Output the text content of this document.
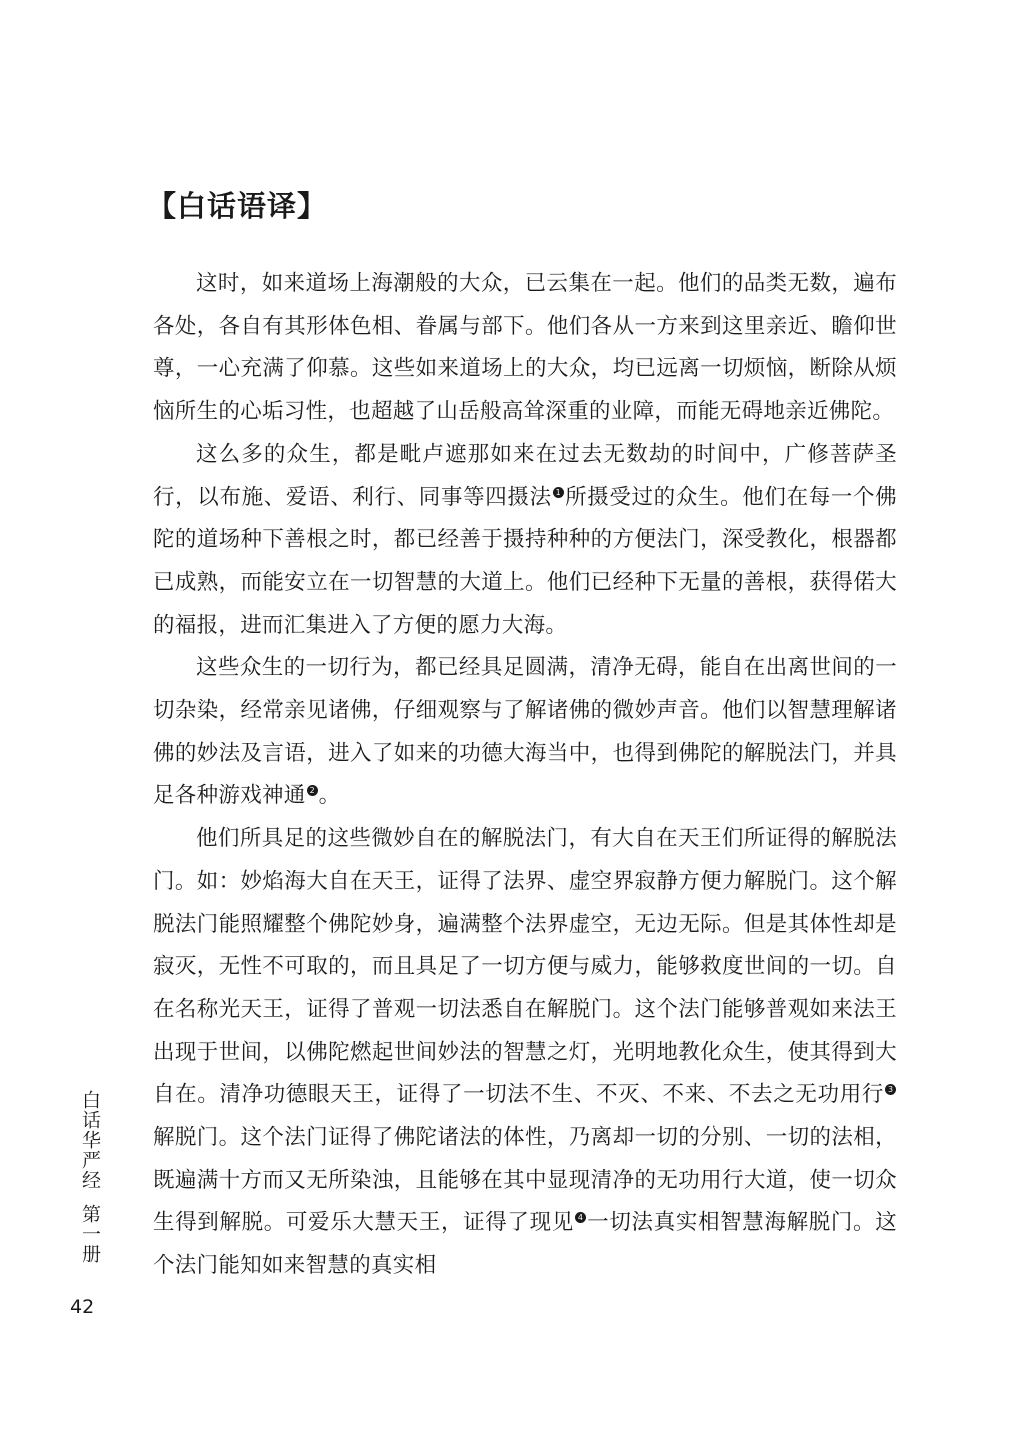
【白话语译】

这时，如来道场上海潮般的大众，已云集在一起。他们的品类无数，遍布各处，各自有其形体色相、眷属与部下。他们各从一方来到这里亲近、瞻仰世尊，一心充满了仰慕。这些如来道场上的大众，均已远离一切烦恼，断除从烦恼所生的心垢习性，也超越了山岳般高耸深重的业障，而能无碍地亲近佛陀。

这么多的众生，都是毗卢遮那如来在过去无数劫的时间中，广修菩萨圣行，以布施、爱语、利行、同事等四摄法 1 所摄受过的众生。他们在每一个佛陀的道场种下善根之时，都已经善于摄持种种的方便法门，深受教化，根器都已成熟，而能安立在一切智慧的大道上。他们已经种下无量的善根，获得偌大的福报，进而汇集进入了方便的愿力大海。

这些众生的一切行为，都已经具足圆满，清净无碍，能自在出离世间的一切杂染，经常亲见诸佛，仔细观察与了解诸佛的微妙声音。他们以智慧理解诸佛的妙法及言语，进入了如来的功德大海当中，也得到佛陀的解脱法门，并具足各种游戏神通 2 。

他们所具足的这些微妙自在的解脱法门，有大自在天王们所证得的解脱法门。如：妙焰海大自在天王，证得了法界、虚空界寂静方便力解脱门。这个解脱法门能照耀整个佛陀妙身，遍满整个法界虚空，无边无际。但是其体性却是寂灭，无性不可取的，而且具足了一切方便与威力，能够救度世间的一切。自在名称光天王，证得了普观一切法悉自在解脱门。这个法门能够普观如来法王出现于世间，以佛陀燃起世间妙法的智慧之灯，光明地教化众生，使其得到大自在。清净功德眼天王，证得了一切法不生、不灭、不来、不去之无功用行 3解脱门。这个法门证得了佛陀诸法的体性，乃离却一切的分别、一切的法相，既遍满十方而又无所染浊，且能够在其中显现清净的无功用行大道，使一切众生得到解脱。可爱乐大慧天王，证得了现见 4 一切法真实相智慧海解脱门。这个法门能知如来智慧的真实相

白话华严经第一册
42
